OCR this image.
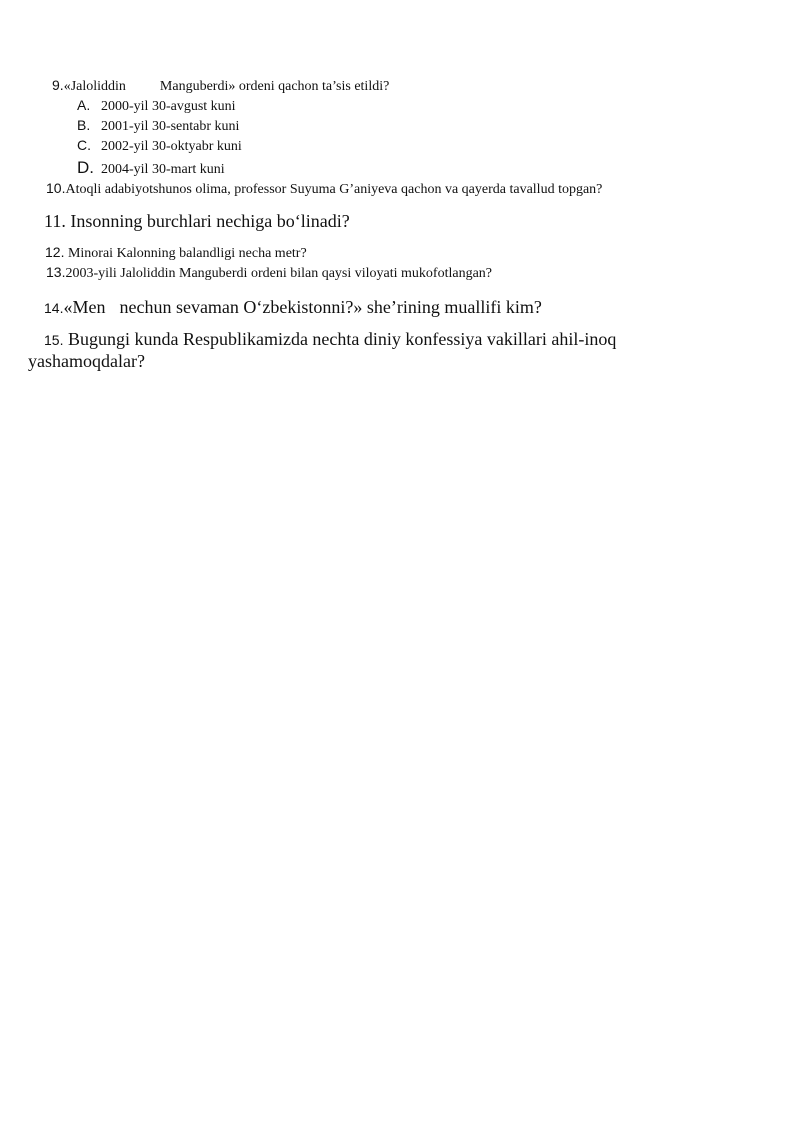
9.«Jaloliddin Manguberdi» ordeni qachon ta’sis etildi?
A. 2000-yil 30-avgust kuni
B. 2001-yil 30-sentabr kuni
C. 2002-yil 30-oktyabr kuni
D. 2004-yil 30-mart kuni
10.Atoqli adabiyotshunos olima, professor Suyuma G’aniyeva qachon va qayerda tavallud topgan?
11. Insonning burchlari nechiga bo‘linadi?
12. Minorai Kalonning balandligi necha metr?
13.2003-yili Jaloliddin Manguberdi ordeni bilan qaysi viloyati mukofotlangan?
14.«Men nechun sevaman O‘zbekistonni?» she’rining muallifi kim?
15. Bugungi kunda Respublikamizda nechta diniy konfessiya vakillari ahil-inoq
yashamoqdalar?
